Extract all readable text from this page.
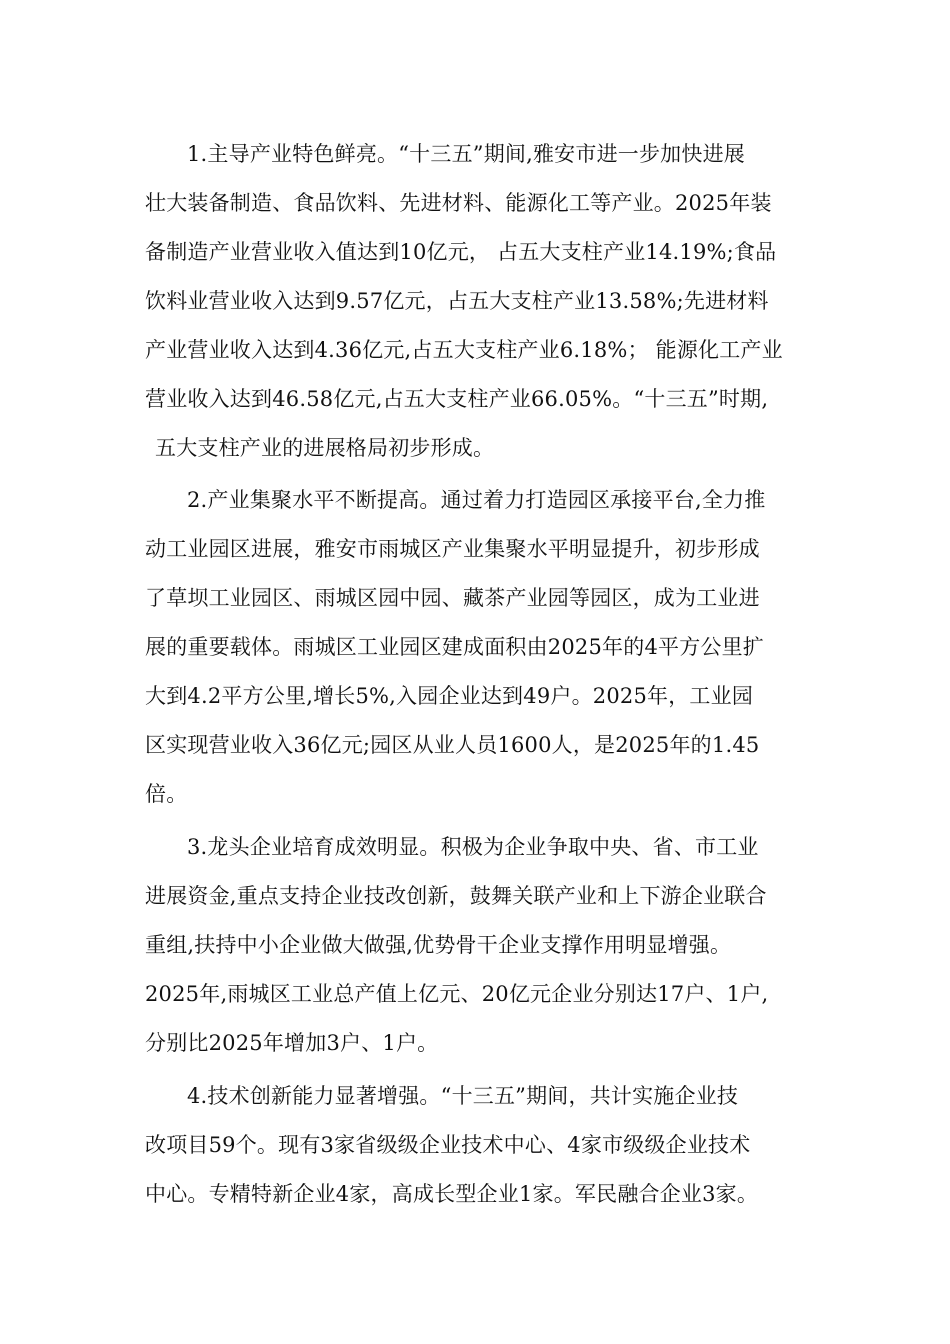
1.主导产业特色鲜亮。“十三五”期间,雅安市进一步加快进展
壮大装备制造、食品饮料、先进材料、能源化工等产业。2025年装
备制造产业营业收入值达到10亿元， 占五大支柱产业14.19%;食品
饮料业营业收入达到9.57亿元，占五大支柱产业13.58%;先进材料
产业营业收入达到4.36亿元,占五大支柱产业6.18%； 能源化工产业
营业收入达到46.58亿元,占五大支柱产业66.05%。“十三五”时期,
五大支柱产业的进展格局初步形成。
2.产业集聚水平不断提高。通过着力打造园区承接平台,全力推
动工业园区进展，雅安市雨城区产业集聚水平明显提升，初步形成
了草坝工业园区、雨城区园中园、藏茶产业园等园区，成为工业进
展的重要载体。雨城区工业园区建成面积由2025年的4平方公里扩
大到4.2平方公里,增长5%,入园企业达到49户。2025年，工业园
区实现营业收入36亿元;园区从业人员1600人，是2025年的1.45
倍。
3.龙头企业培育成效明显。积极为企业争取中央、省、市工业
进展资金,重点支持企业技改创新，鼓舞关联产业和上下游企业联合
重组,扶持中小企业做大做强,优势骨干企业支撑作用明显增强。
2025年,雨城区工业总产值上亿元、20亿元企业分别达17户、1户,
分别比2025年增加3户、1户。
4.技术创新能力显著增强。“十三五”期间，共计实施企业技
改项目59个。现有3家省级级企业技术中心、4家市级级企业技术
中心。专精特新企业4家，高成长型企业1家。军民融合企业3家。
